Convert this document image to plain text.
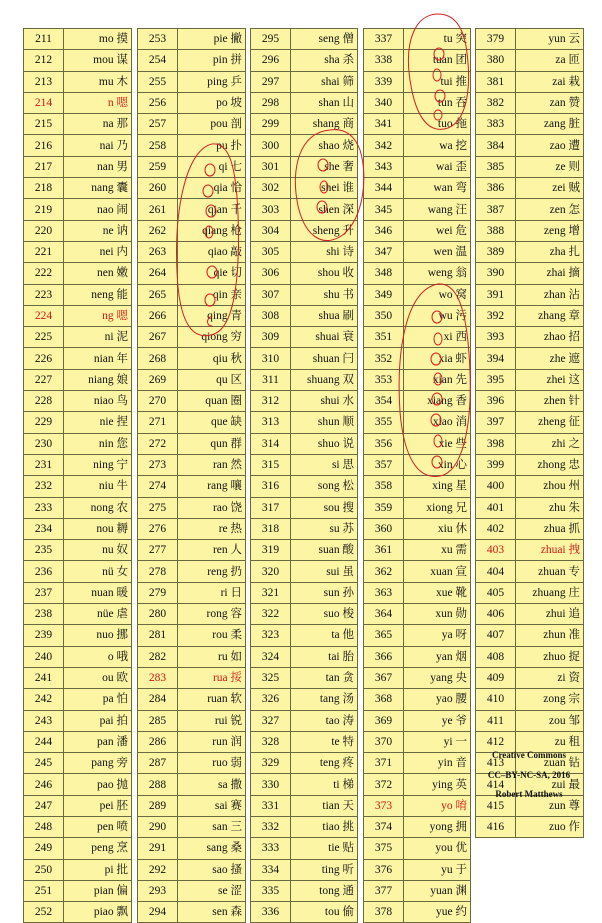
211	mo 摸
212	mou 谋
213	mu 木
214	n 嗯
215	na 那
216	nai 乃
217	nan 男
218	nang 囊
219	nao 闹
220	ne 讷
221	nei 内
222	nen 嫩
223	neng 能
224	ng 嗯
225	ni 泥
226	nian 年
227	niang 娘
228	niao 鸟
229	nie 捏
230	nin 您
231	ning 宁
232	niu 牛
233	nong 农
234	nou 耨
235	nu 奴
236	nü 女
237	nuan 暖
238	nüe 虐
239	nuo 挪
240	o 哦
241	ou 欧
242	pa 怕
243	pai 拍
244	pan 潘
245	pang 旁
246	pao 抛
247	pei 胚
248	pen 喷
249	peng 烹
250	pi 批
251	pian 偏
252	piao 飘
253	pie 撇
254	pin 拼
255	ping 乒
256	po 坡
257	pou 剖
258	pu 扑
259	qi 七
260	qia 恰
261	qian 千
262	qiang 枪
263	qiao 敲
264	qie 切
265	qin 亲
266	qing 青
267	qiong 穷
268	qiu 秋
269	qu 区
270	quan 圈
271	que 缺
272	qun 群
273	ran 然
274	rang 嚷
275	rao 饶
276	re 热
277	ren 人
278	reng 扔
279	ri 日
280	rong 容
281	rou 柔
282	ru 如
283	rua 挼
284	ruan 软
285	rui 锐
286	run 润
287	ruo 弱
288	sa 撒
289	sai 赛
290	san 三
291	sang 桑
292	sao 搔
293	se 涩
294	sen 森
295	seng 僧
296	sha 杀
297	shai 筛
298	shan 山
299	shang 商
300	shao 烧
301	she 奢
302	shei 谁
303	shen 深
304	sheng 升
305	shi 诗
306	shou 收
307	shu 书
308	shua 刷
309	shuai 衰
310	shuan 闩
311	shuang 双
312	shui 水
313	shun 顺
314	shuo 说
315	si 思
316	song 松
317	sou 搜
318	su 苏
319	suan 酸
320	sui 虽
321	sun 孙
322	suo 梭
323	ta 他
324	tai 胎
325	tan 贪
326	tang 汤
327	tao 涛
328	te 特
329	teng 疼
330	ti 梯
331	tian 天
332	tiao 挑
333	tie 贴
334	ting 听
335	tong 通
336	tou 偷
337	tu 突
338	tuan 团
339	tui 推
340	tun 吞
341	tuo 拖
342	wa 挖
343	wai 歪
344	wan 弯
345	wang 汪
346	wei 危
347	wen 温
348	weng 翁
349	wo 窝
350	wu 污
351	xi 西
352	xia 虾
353	xian 先
354	xiang 香
355	xiao 消
356	xie 些
357	xin 心
358	xing 星
359	xiong 兄
360	xiu 休
361	xu 需
362	xuan 宣
363	xue 靴
364	xun 勋
365	ya 呀
366	yan 烟
367	yang 央
368	yao 腰
369	ye 爷
370	yi 一
371	yin 音
372	ying 英
373	yo 唷
374	yong 拥
375	you 优
376	yu 于
377	yuan 渊
378	yue 约
379	yun 云
380	za 匝
381	zai 栽
382	zan 赞
383	zang 脏
384	zao 遭
385	ze 则
386	zei 贼
387	zen 怎
388	zeng 增
389	zha 扎
390	zhai 摘
391	zhan 沾
392	zhang 章
393	zhao 招
394	zhe 遮
395	zhei 这
396	zhen 针
397	zheng 征
398	zhi 之
399	zhong 忠
400	zhou 州
401	zhu 朱
402	zhua 抓
403	zhuai 拽
404	zhuan 专
405	zhuang 庄
406	zhui 追
407	zhun 准
408	zhuo 捉
409	zi 资
410	zong 宗
411	zou 邹
412	zu 租
413	zuan 钻
414	zui 最
415	zun 尊
416	zuo 作
Creative Commons
CC–BY-NC-SA, 2016
Robert Matthews
